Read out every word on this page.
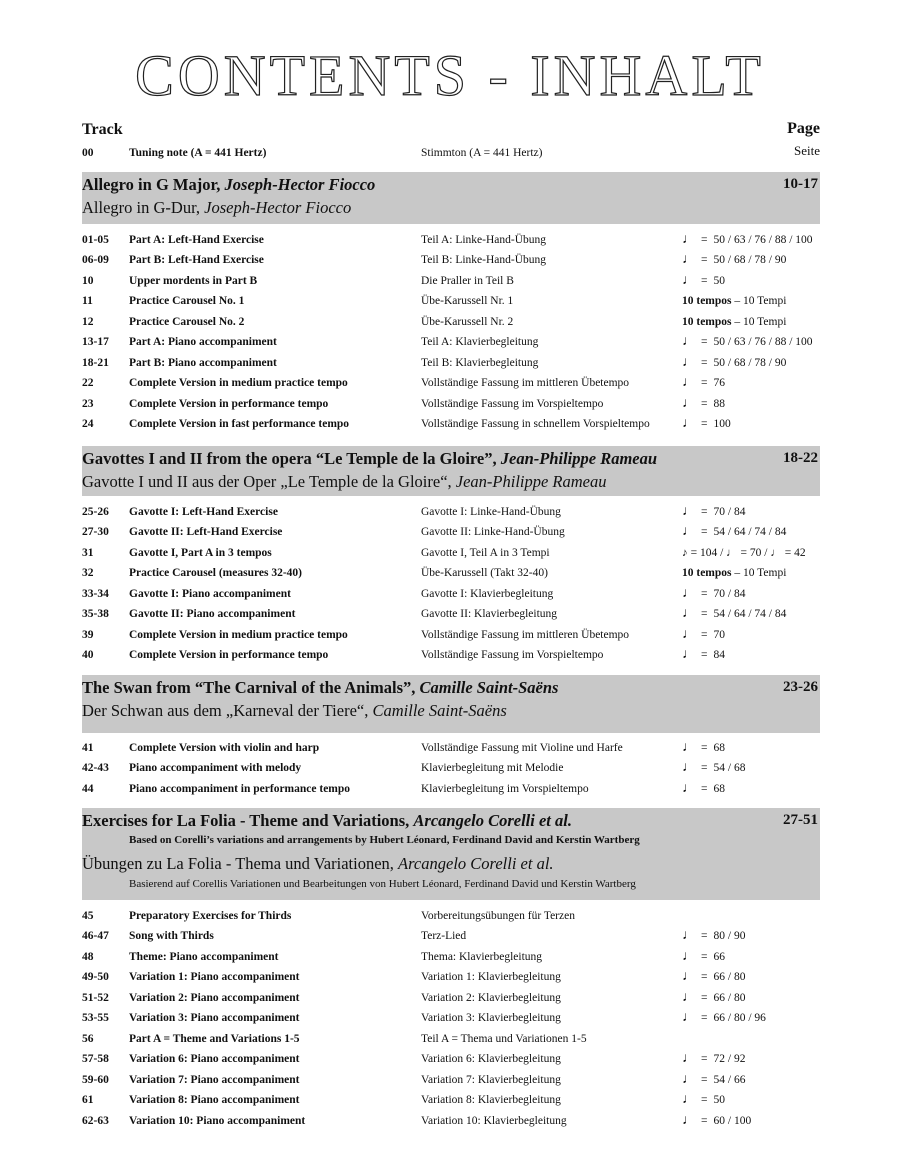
CONTENTS - INHALT
Track	Page
Seite
00	Tuning note (A = 441 Hertz)	Stimmton (A = 441 Hertz)
Allegro in G Major, Joseph-Hector Fiocco	10-17
Allegro in G-Dur, Joseph-Hector Fiocco
01-05 Part A: Left-Hand Exercise	Teil A: Linke-Hand-Übung	♩ = 50 / 63 / 76 / 88 / 100
06-09 Part B: Left-Hand Exercise	Teil B: Linke-Hand-Übung	♩ = 50 / 68 / 78 / 90
10	Upper mordents in Part B	Die Praller in Teil B	♩ = 50
11	Practice Carousel No. 1	Übe-Karussell Nr. 1	10 tempos – 10 Tempi
12	Practice Carousel No. 2	Übe-Karussell Nr. 2	10 tempos – 10 Tempi
13-17 Part A: Piano accompaniment	Teil A: Klavierbegleitung	♩ = 50 / 63 / 76 / 88 / 100
18-21 Part B: Piano accompaniment	Teil B: Klavierbegleitung	♩ = 50 / 68 / 78 / 90
22	Complete Version in medium practice tempo	Vollständige Fassung im mittleren Übetempo	♩ = 76
23	Complete Version in performance tempo	Vollständige Fassung im Vorspieltempo	♩ = 88
24	Complete Version in fast performance tempo	Vollständige Fassung in schnellem Vorspieltempo ♩ = 100
Gavottes I and II from the opera “Le Temple de la Gloire”, Jean-Philippe Rameau	18-22
Gavotte I und II aus der Oper „Le Temple de la Gloire“, Jean-Philippe Rameau
25-26 Gavotte I: Left-Hand Exercise	Gavotte I: Linke-Hand-Übung	♩ = 70 / 84
27-30 Gavotte II: Left-Hand Exercise	Gavotte II: Linke-Hand-Übung	♩ = 54 / 64 / 74 / 84
31	Gavotte I, Part A in 3 tempos	Gavotte I, Teil A in 3 Tempi	♪ = 104 / ♩ = 70 / ♩ = 42
32	Practice Carousel (measures 32-40)	Übe-Karussell (Takt 32-40)	10 tempos – 10 Tempi
33-34 Gavotte I: Piano accompaniment	Gavotte I: Klavierbegleitung	♩ = 70 / 84
35-38 Gavotte II: Piano accompaniment	Gavotte II: Klavierbegleitung	♩ = 54 / 64 / 74 / 84
39	Complete Version in medium practice tempo	Vollständige Fassung im mittleren Übetempo	♩ = 70
40	Complete Version in performance tempo	Vollständige Fassung im Vorspieltempo	♩ = 84
The Swan from “The Carnival of the Animals”, Camille Saint-Saëns	23-26
Der Schwan aus dem „Karneval der Tiere“, Camille Saint-Saëns
41	Complete Version with violin and harp	Vollständige Fassung mit Violine und Harfe	♩ = 68
42-43 Piano accompaniment with melody	Klavierbegleitung mit Melodie	♩ = 54 / 68
44	Piano accompaniment in performance tempo	Klavierbegleitung im Vorspieltempo	♩ = 68
Exercises for La Folia - Theme and Variations, Arcangelo Corelli et al.	27-51
Based on Corelli’s variations and arrangements by Hubert Léonard, Ferdinand David and Kerstin Wartberg
Übungen zu La Folia - Thema und Variationen, Arcangelo Corelli et al.
Basierend auf Corellis Variationen und Bearbeitungen von Hubert Léonard, Ferdinand David und Kerstin Wartberg
45	Preparatory Exercises for Thirds	Vorbereitungsübungen für Terzen
46-47 Song with Thirds	Terz-Lied	♩ = 80 / 90
48	Theme: Piano accompaniment	Thema: Klavierbegleitung	♩ = 66
49-50 Variation 1: Piano accompaniment	Variation 1: Klavierbegleitung	♩ = 66 / 80
51-52 Variation 2: Piano accompaniment	Variation 2: Klavierbegleitung	♩ = 66 / 80
53-55 Variation 3: Piano accompaniment	Variation 3: Klavierbegleitung	♩ = 66 / 80 / 96
56	Part A = Theme and Variations 1-5	Teil A = Thema und Variationen 1-5
57-58 Variation 6: Piano accompaniment	Variation 6: Klavierbegleitung	♩ = 72 / 92
59-60 Variation 7: Piano accompaniment	Variation 7: Klavierbegleitung	♩ = 54 / 66
61	Variation 8: Piano accompaniment	Variation 8: Klavierbegleitung	♩ = 50
62-63 Variation 10: Piano accompaniment	Variation 10: Klavierbegleitung	♩ = 60 / 100
